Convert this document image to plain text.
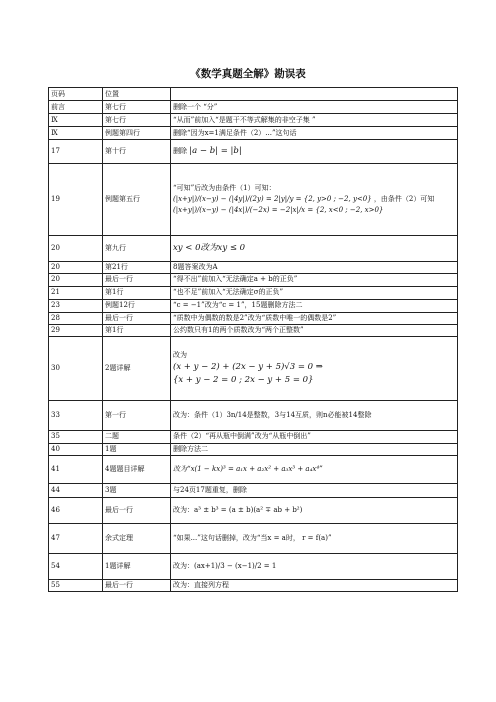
《数学真题全解》勘误表
页码	位置	
前言	第七行	删除一个 “分”
Ⅸ	第七行	“从而”前加入“是题干不等式解集的非空子集 ”
Ⅸ	例题第四行	删除“因为x=1满足条件（2）...”这句话
17	第十行	删除 |a − b| = |b|
19	例题第五行	“可知”后改为由条件（1）可知：
(|x+y|)/(x−y) − (|4y|)/(2y) = 2|y|/y = {2, y>0 ; −2, y<0} ，由条件（2）可知
(|x+y|)/(x−y) − (|4x|)/(−2x) = −2|x|/x = {2, x<0 ; −2, x>0}

20	第九行	xy < 0改为xy ≤ 0
20	第21行	8题答案改为A
20	最后一行	“得不出”前加入“无法确定a + b的正负”
21	第1行	“也不足”前加入“无法确定σ的正负”
23	例题12行	“c = −1”改为“c = 1”，15题删除方法二
28	最后一行	“质数中为偶数的数是2”改为“质数中唯一的偶数是2”
29	第1行	公约数只有1的两个质数改为“两个正整数”
30	2题详解	改为
(x + y − 2) + (2x − y + 5)√3 = 0 ⇒
{x + y − 2 = 0 ; 2x − y + 5 = 0}

33	第一行	改为：条件（1）3n/14是整数，3与14互质，则n必能被14整除
35	二题	条件（2）“再从瓶中倒满”改为“从瓶中倒出”
40	1题	删除方法二
41	4题题目详解	改为“x(1 − kx)³ = a₁x + a₂x² + a₃x³ + a₄x⁴”
44	3题	与24页17题重复，删除
46	最后一行	改为：a³ ± b³ = (a ± b)(a² ∓ ab + b²)
47	余式定理	“如果...”这句话删掉，改为“当x = a时， r = f(a)”
54	1题详解	改为：(ax+1)/3 − (x−1)/2 = 1
55	最后一行	改为：直接列方程
